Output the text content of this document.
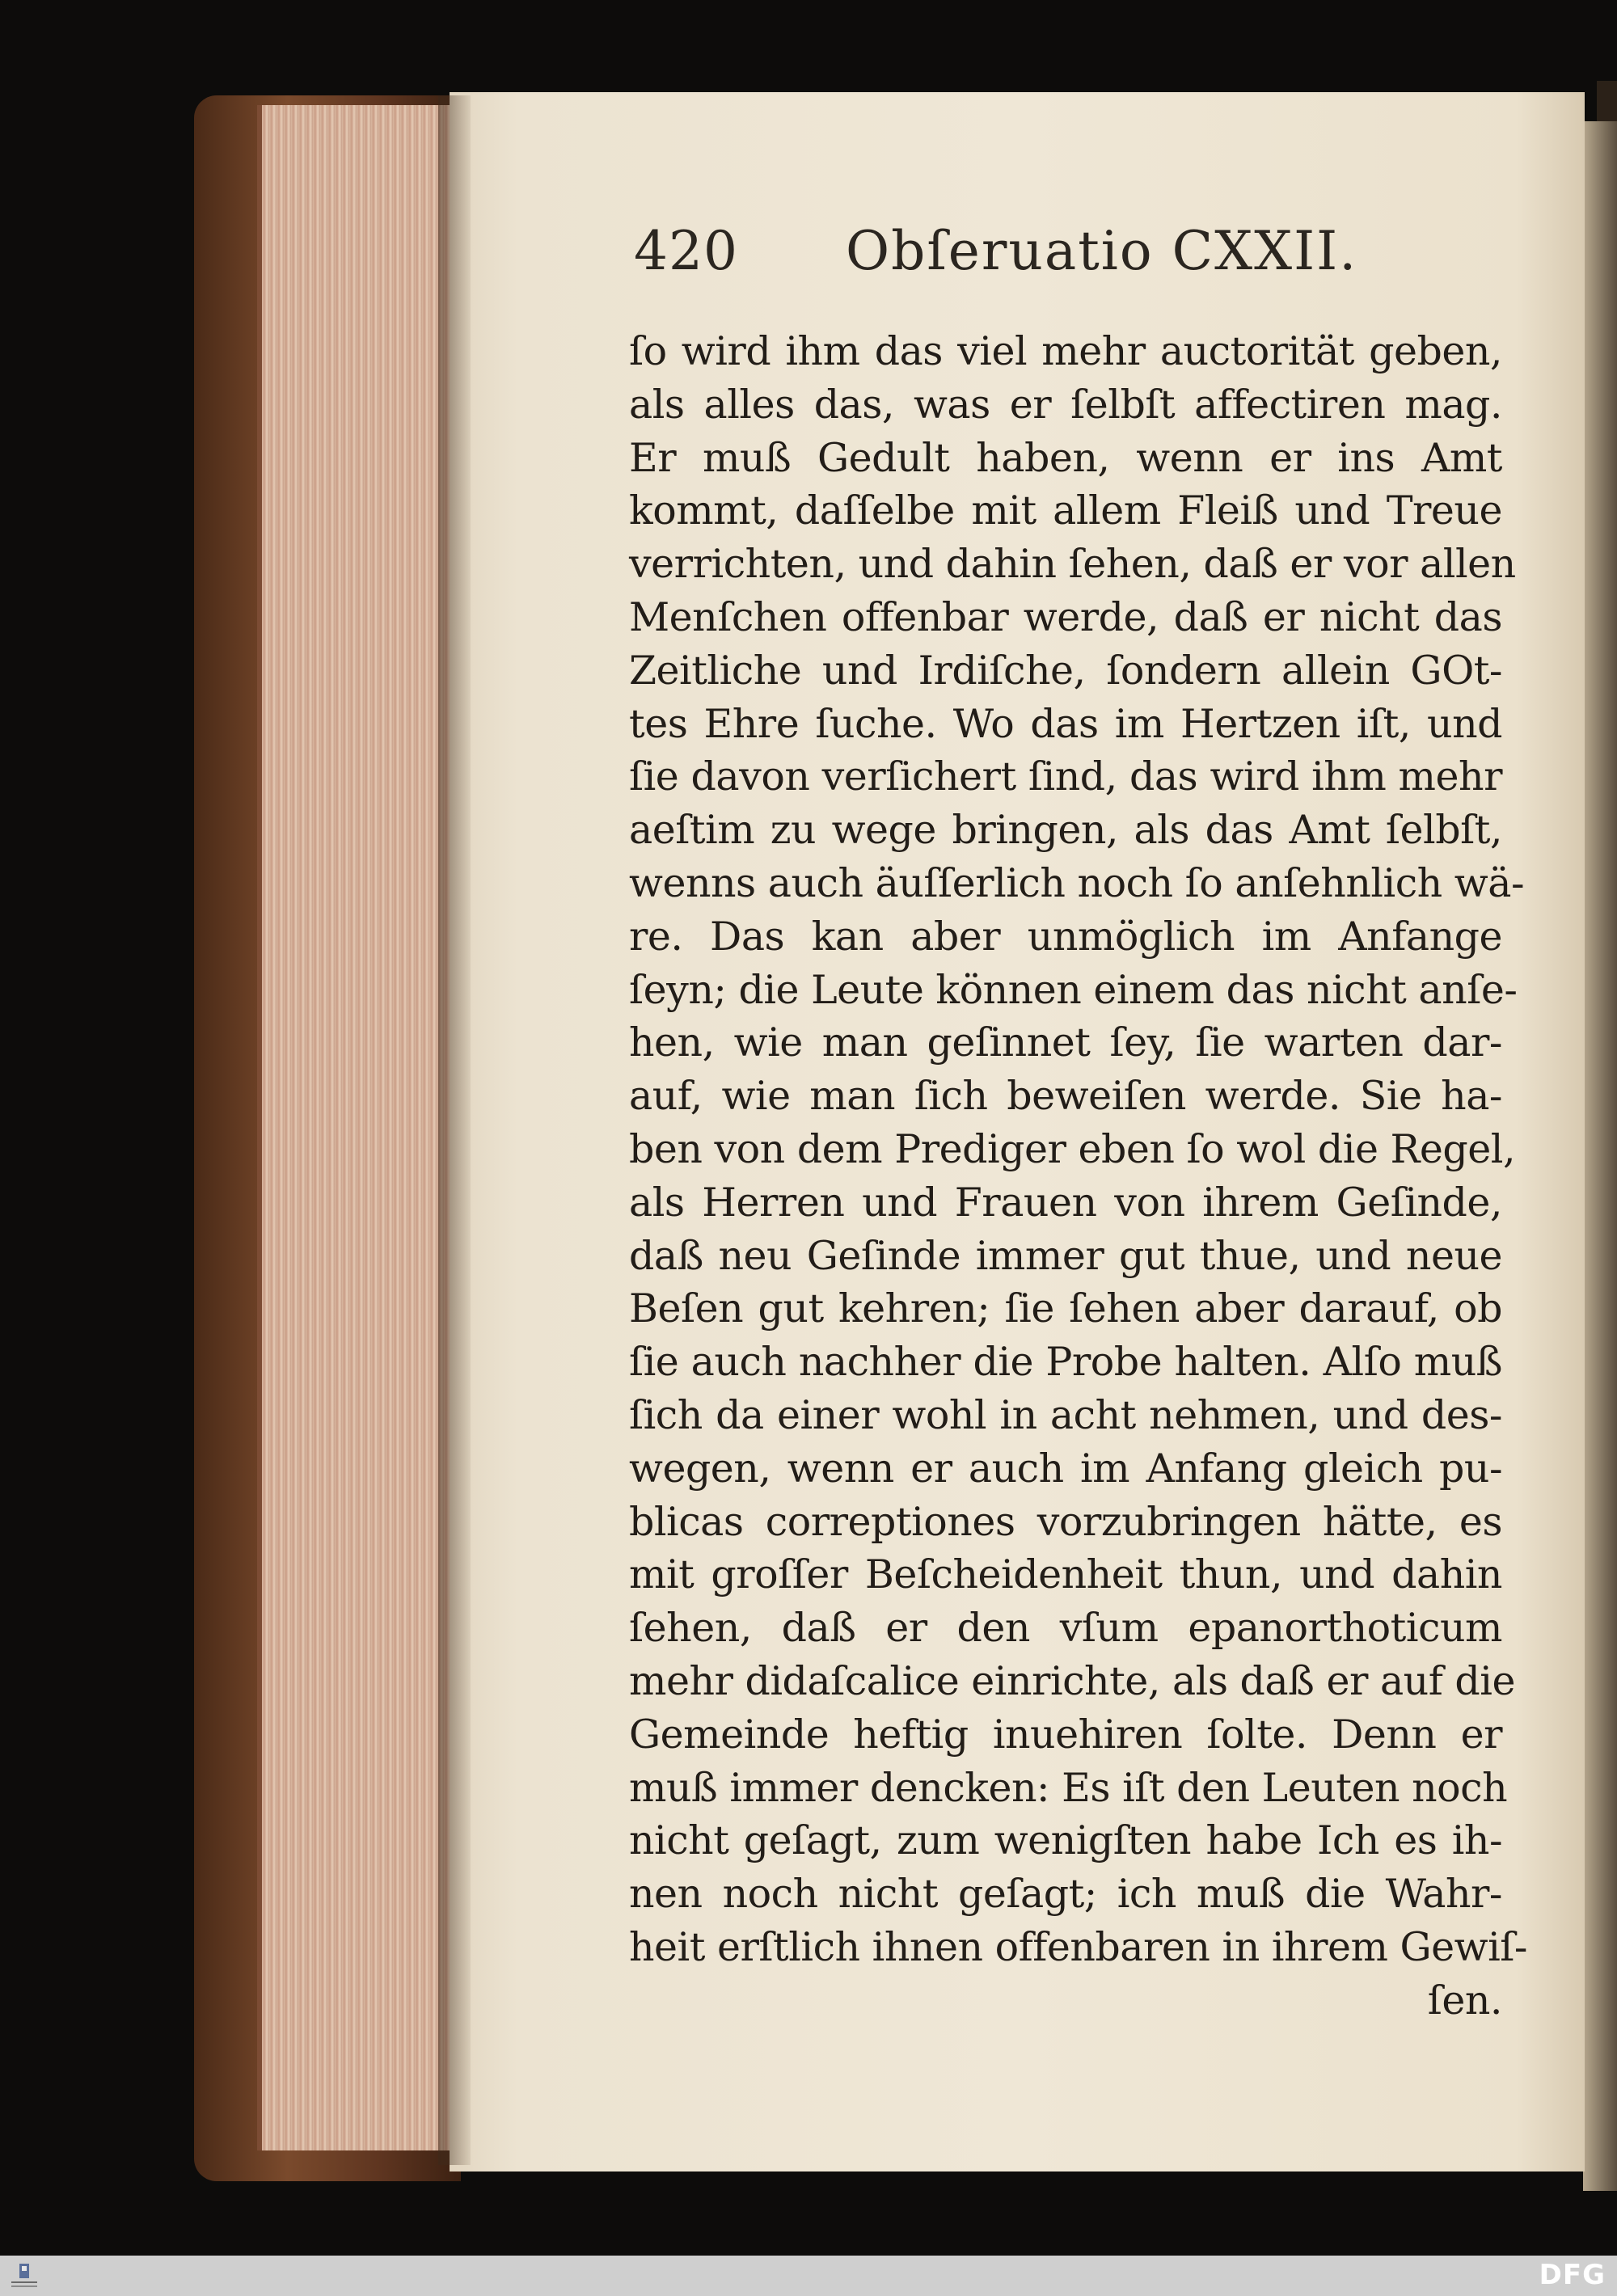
420 Obſeruatio CXXII.
ſo wird ihm das viel mehr auctorität geben,
als alles das, was er ſelbſt affectiren mag.
Er muß Gedult haben, wenn er ins Amt
kommt, daſſelbe mit allem Fleiß und Treue
verrichten, und dahin ſehen, daß er vor allen
Menſchen offenbar werde, daß er nicht das
Zeitliche und Irdiſche, ſondern allein GOt-
tes Ehre ſuche. Wo das im Hertzen iſt, und
ſie davon verſichert ſind, das wird ihm mehr
aeſtim zu wege bringen, als das Amt ſelbſt,
wenns auch äuſſerlich noch ſo anſehnlich wä-
re. Das kan aber unmöglich im Anfange
ſeyn; die Leute können einem das nicht anſe-
hen, wie man geſinnet ſey, ſie warten dar-
auf, wie man ſich beweiſen werde. Sie ha-
ben von dem Prediger eben ſo wol die Regel,
als Herren und Frauen von ihrem Geſinde,
daß neu Geſinde immer gut thue, und neue
Beſen gut kehren; ſie ſehen aber darauf, ob
ſie auch nachher die Probe halten. Alſo muß
ſich da einer wohl in acht nehmen, und des-
wegen, wenn er auch im Anfang gleich pu-
blicas correptiones vorzubringen hätte, es
mit groſſer Beſcheidenheit thun, und dahin
ſehen, daß er den vſum epanorthoticum
mehr didaſcalice einrichte, als daß er auf die
Gemeinde heftig inuehiren ſolte. Denn er
muß immer dencken: Es iſt den Leuten noch
nicht geſagt, zum wenigſten habe Ich es ih-
nen noch nicht geſagt; ich muß die Wahr-
heit erſtlich ihnen offenbaren in ihrem Gewiſ-
ſen.
DFG
